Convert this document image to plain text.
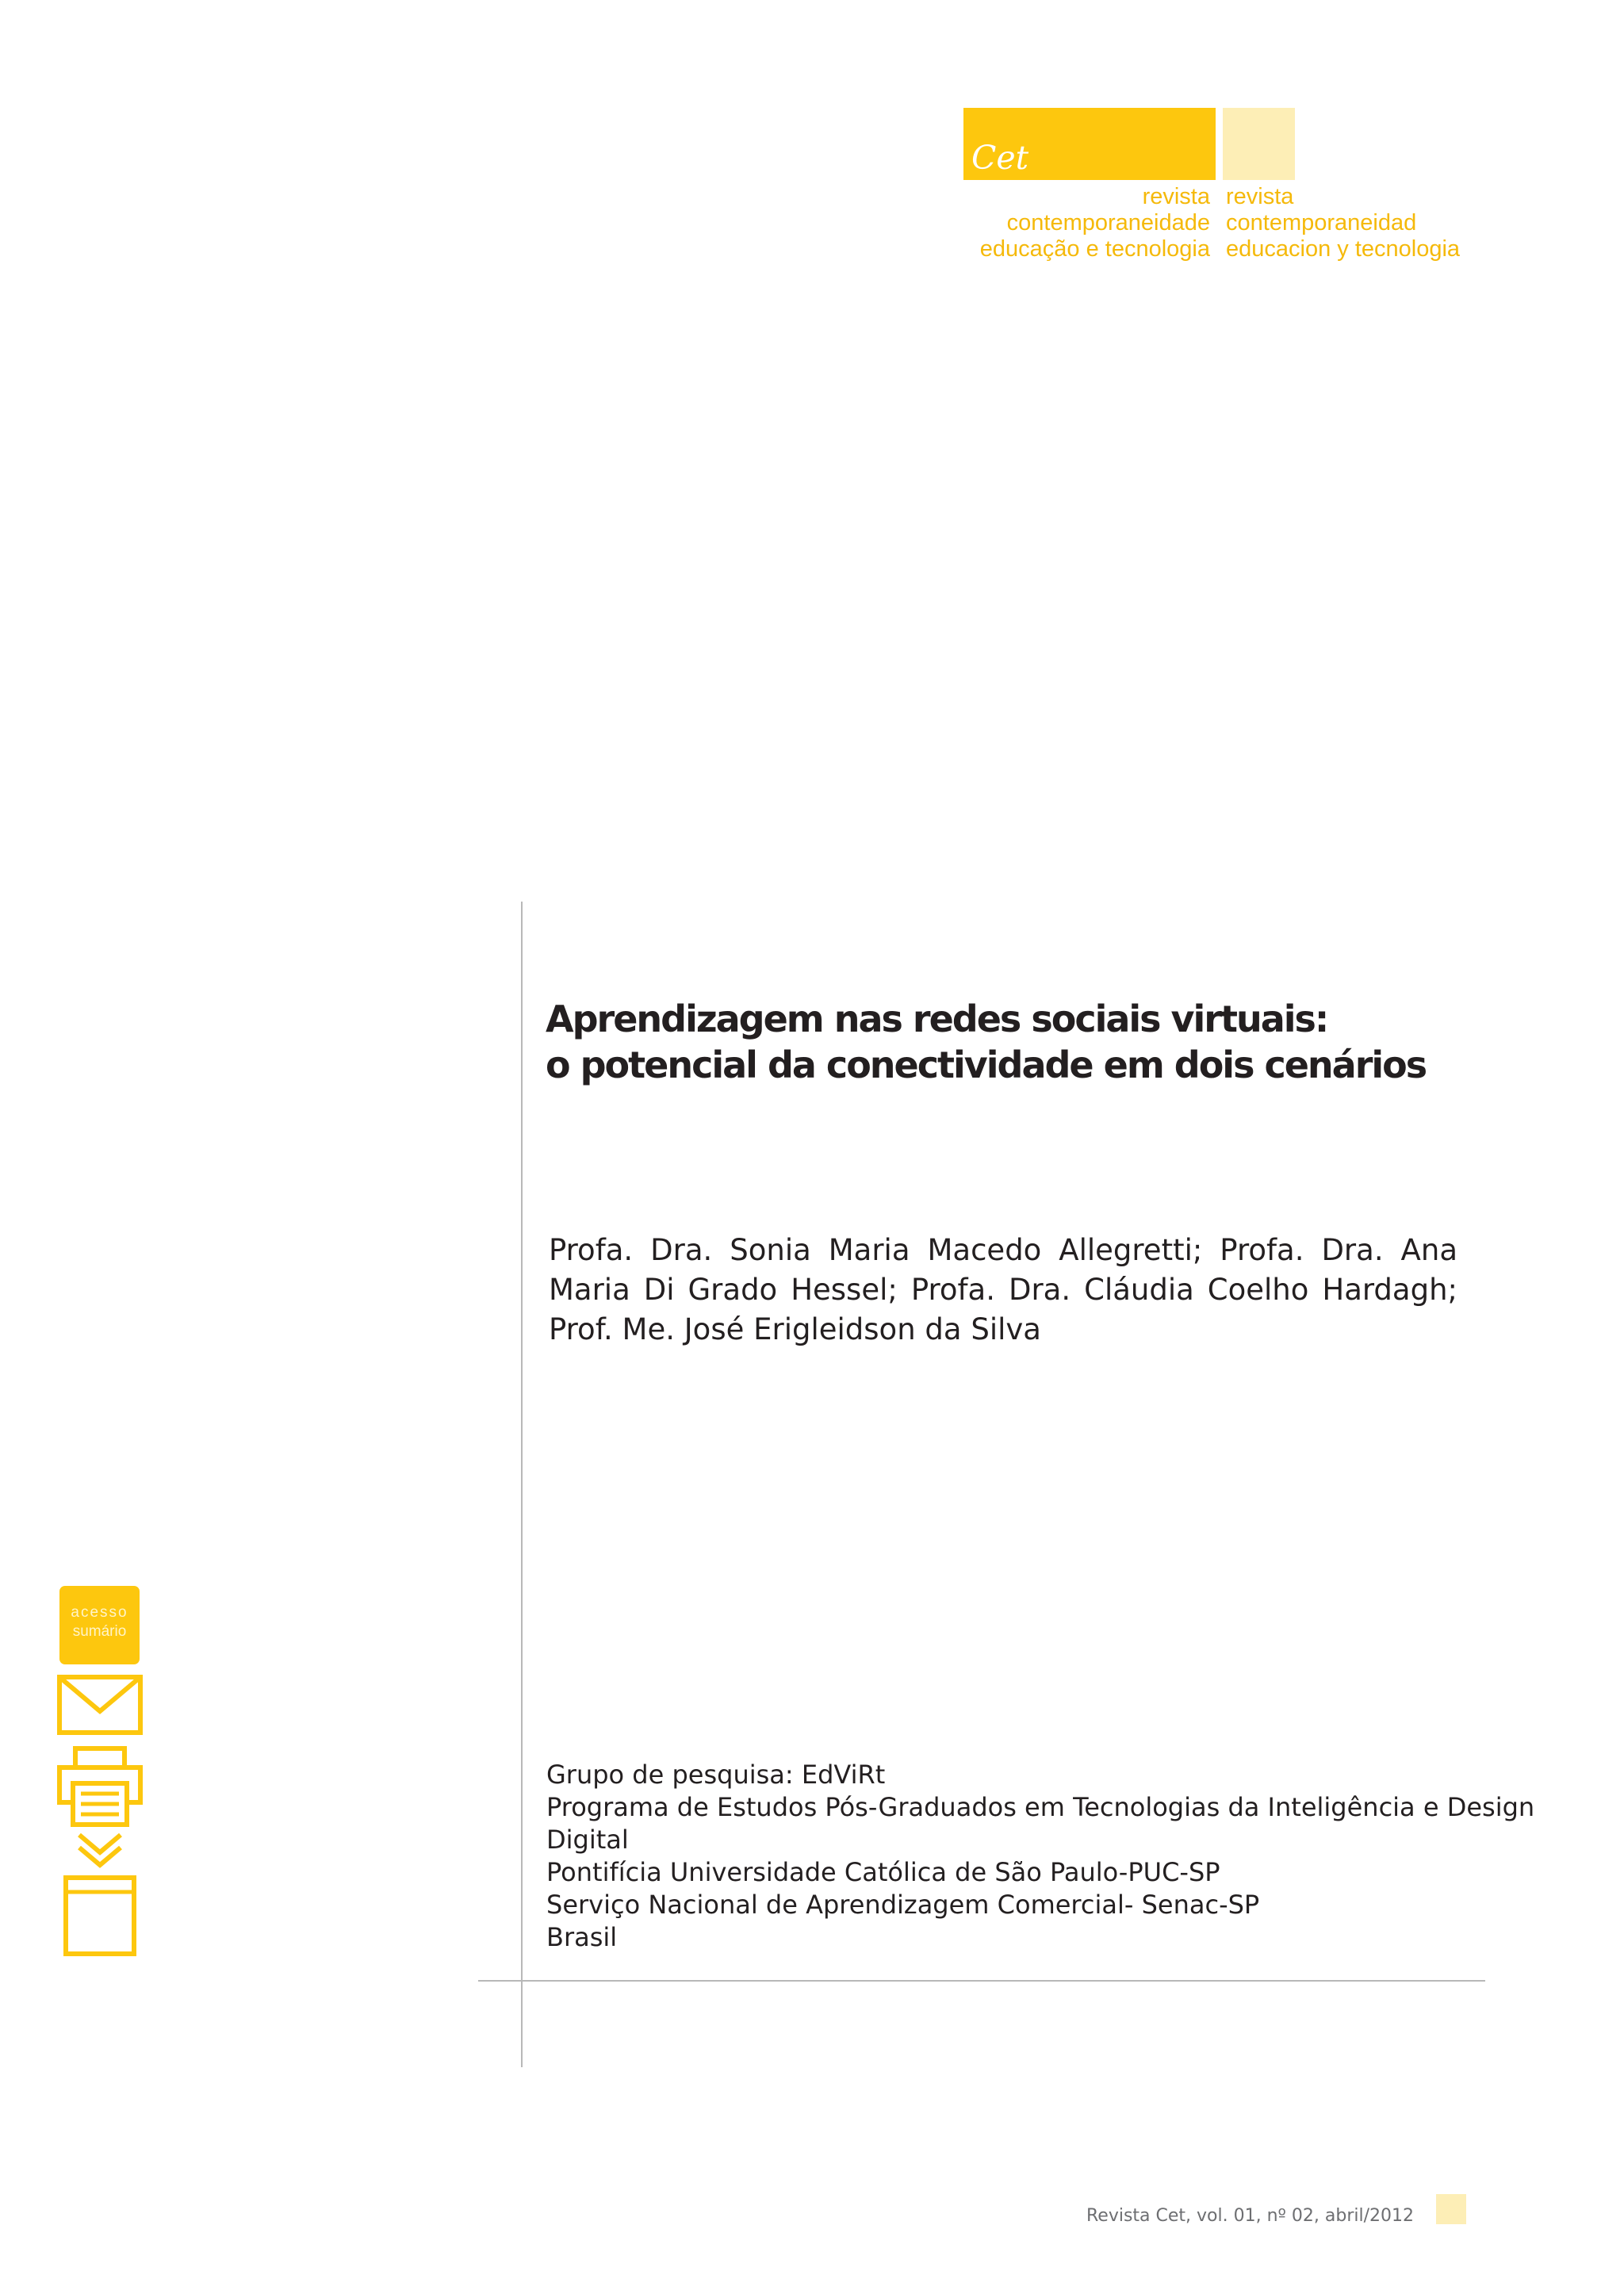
Cet
revista
contemporaneidade
educação e tecnologia
revista
contemporaneidad
educacion y tecnologia
Aprendizagem nas redes sociais virtuais:
o potencial da conectividade em dois cenários
Profa. Dra. Sonia Maria Macedo Allegretti; Profa. Dra. Ana Maria Di Grado Hessel; Profa. Dra. Cláudia Coelho Hardagh; Prof. Me. José Erigleidson da Silva
Grupo de pesquisa: EdViRt
Programa de Estudos Pós-Graduados em Tecnologias da Inteligência e Design
Digital
Pontifícia Universidade Católica de São Paulo-PUC-SP
Serviço Nacional de Aprendizagem Comercial- Senac-SP
Brasil
acesso
sumário
Revista Cet, vol. 01, nº 02, abril/2012
